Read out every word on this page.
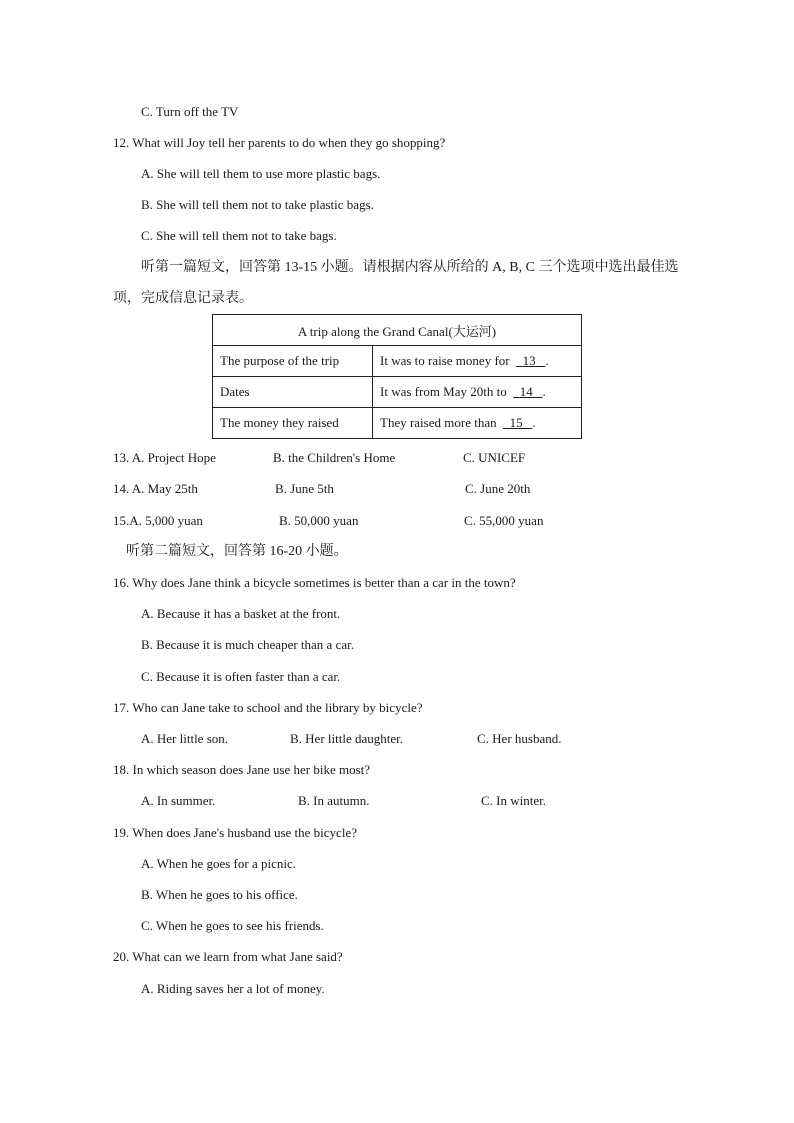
C. Turn off the TV
12. What will Joy tell her parents to do when they go shopping?
A. She will tell them to use more plastic bags.
B. She will tell them not to take plastic bags.
C. She will tell them not to take bags.
听第一篇短文，回答第 13-15 小题。请根据内容从所给的 A, B, C 三个选项中选出最佳选
项，完成信息记录表。
A trip along the Grand Canal(大运河)	
The purpose of the trip	It was to raise money for 13 .
Dates	It was from May 20th to 14 .
The money they raised	They raised more than 15 .
13. A. Project Hope	B. the Children's Home	C. UNICEF
14. A. May 25th	B. June 5th	C. June 20th
15.A. 5,000 yuan	B. 50,000 yuan	C. 55,000 yuan
听第二篇短文，回答第 16-20 小题。
16. Why does Jane think a bicycle sometimes is better than a car in the town?
A. Because it has a basket at the front.
B. Because it is much cheaper than a car.
C. Because it is often faster than a car.
17. Who can Jane take to school and the library by bicycle?
A. Her little son.	B. Her little daughter.	C. Her husband.
18. In which season does Jane use her bike most?
A. In summer.	B. In autumn.	C. In winter.
19. When does Jane's husband use the bicycle?
A. When he goes for a picnic.
B. When he goes to his office.
C. When he goes to see his friends.
20. What can we learn from what Jane said?
A. Riding saves her a lot of money.
